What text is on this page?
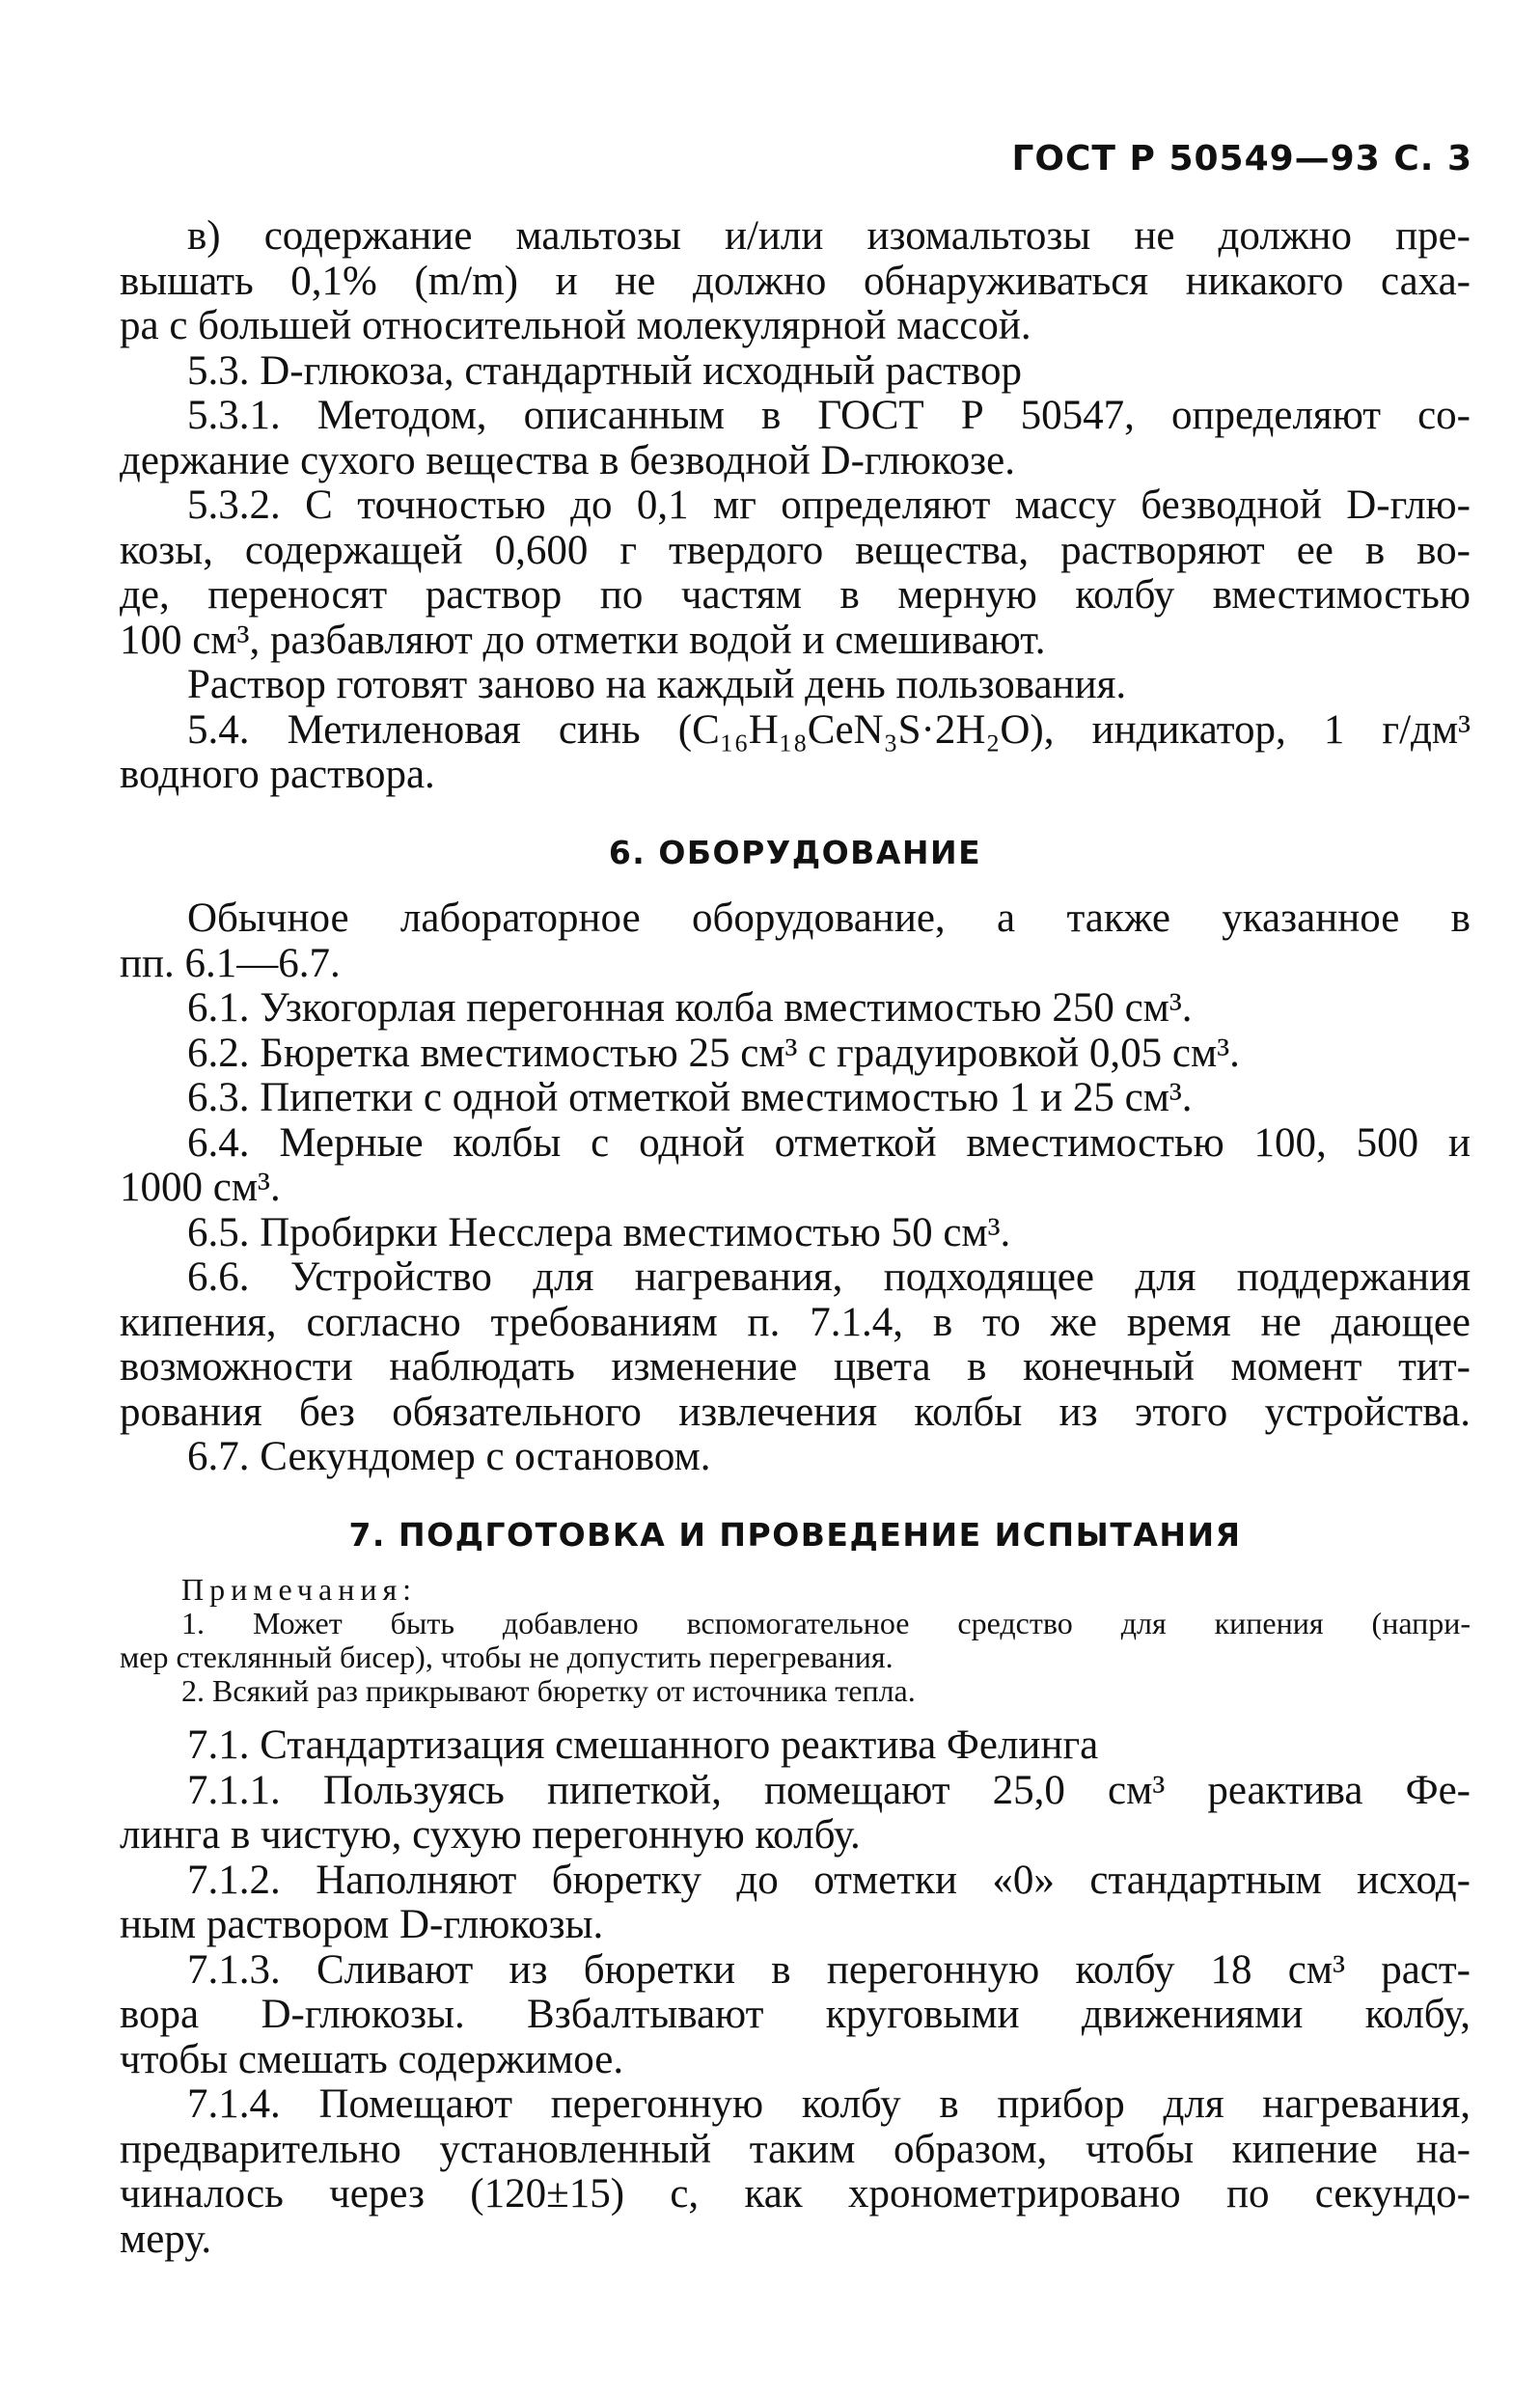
ГОСТ Р 50549—93 С. 3

в) содержание мальтозы и/или изомальтозы не должно пре-
вышать 0,1% (m/m) и не должно обнаруживаться никакого саха-
ра с большей относительной молекулярной массой.
5.3. D-глюкоза, стандартный исходный раствор
5.3.1. Методом, описанным в ГОСТ Р 50547, определяют со-
держание сухого вещества в безводной D-глюкозе.
5.3.2. С точностью до 0,1 мг определяют массу безводной D-глю-
козы, содержащей 0,600 г твердого вещества, растворяют ее в во-
де, переносят раствор по частям в мерную колбу вместимостью
100 см³, разбавляют до отметки водой и смешивают.
Раствор готовят заново на каждый день пользования.
5.4. Метиленовая синь (C₁₆H₁₈CeN₃S·2H₂O), индикатор, 1 г/дм³
водного раствора.
6. ОБОРУДОВАНИЕ
Обычное лабораторное оборудование, а также указанное в
пп. 6.1—6.7.
6.1. Узкогорлая перегонная колба вместимостью 250 см³.
6.2. Бюретка вместимостью 25 см³ с градуировкой 0,05 см³.
6.3. Пипетки с одной отметкой вместимостью 1 и 25 см³.
6.4. Мерные колбы с одной отметкой вместимостью 100, 500 и
1000 см³.
6.5. Пробирки Несслера вместимостью 50 см³.
6.6. Устройство для нагревания, подходящее для поддержания
кипения, согласно требованиям п. 7.1.4, в то же время не дающее
возможности наблюдать изменение цвета в конечный момент тит-
рования без обязательного извлечения колбы из этого устройства.
6.7. Секундомер с остановом.
7. ПОДГОТОВКА И ПРОВЕДЕНИЕ ИСПЫТАНИЯ
Примечания:
1. Может быть добавлено вспомогательное средство для кипения (напри-
мер стеклянный бисер), чтобы не допустить перегревания.
2. Всякий раз прикрывают бюретку от источника тепла.
7.1. Стандартизация смешанного реактива Фелинга
7.1.1. Пользуясь пипеткой, помещают 25,0 см³ реактива Фе-
линга в чистую, сухую перегонную колбу.
7.1.2. Наполняют бюретку до отметки «0» стандартным исход-
ным раствором D-глюкозы.
7.1.3. Сливают из бюретки в перегонную колбу 18 см³ раст-
вора D-глюкозы. Взбалтывают круговыми движениями колбу,
чтобы смешать содержимое.
7.1.4. Помещают перегонную колбу в прибор для нагревания,
предварительно установленный таким образом, чтобы кипение на-
чиналось через (120±15) с, как хронометрировано по секундо-
меру.
